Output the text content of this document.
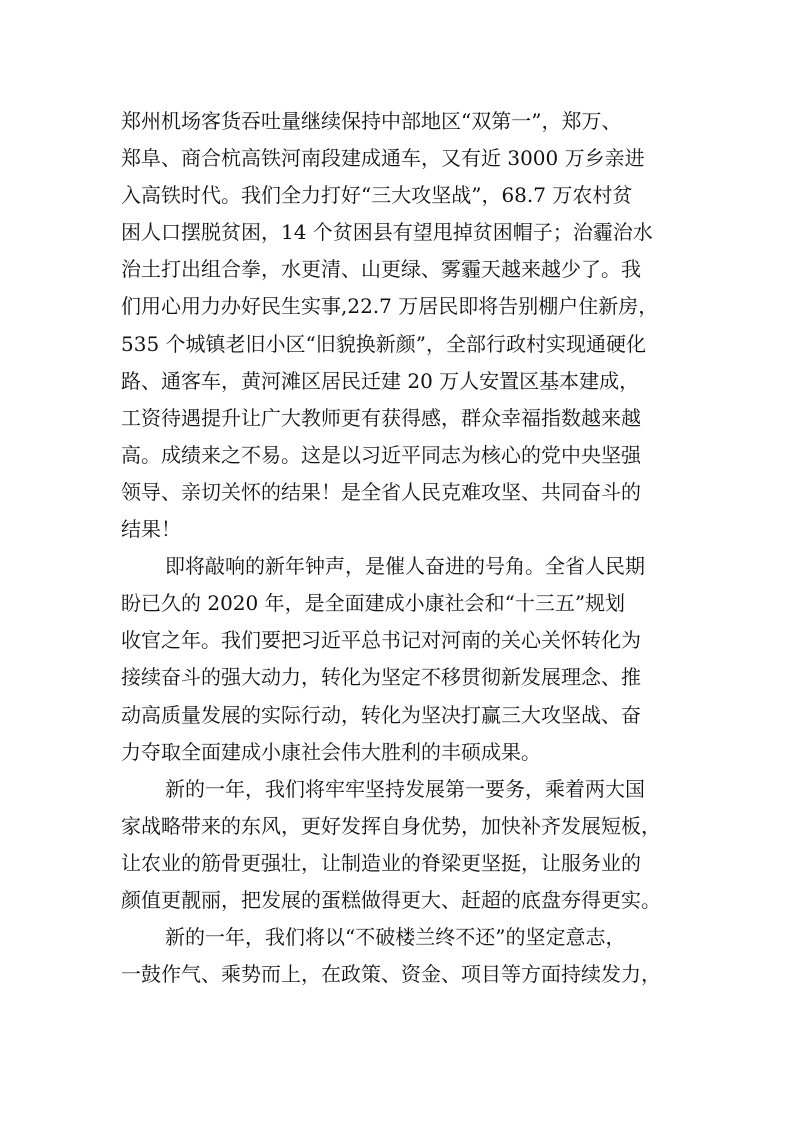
郑州机场客货吞吐量继续保持中部地区“双第一”，郑万、
郑阜、商合杭高铁河南段建成通车，又有近 3000 万乡亲进
入高铁时代。我们全力打好“三大攻坚战”，68.7 万农村贫
困人口摆脱贫困，14 个贫困县有望甩掉贫困帽子；治霾治水
治土打出组合拳，水更清、山更绿、雾霾天越来越少了。我
们用心用力办好民生实事,22.7 万居民即将告别棚户住新房，
535 个城镇老旧小区“旧貌换新颜”，全部行政村实现通硬化
路、通客车，黄河滩区居民迁建 20 万人安置区基本建成，
工资待遇提升让广大教师更有获得感，群众幸福指数越来越
高。成绩来之不易。这是以习近平同志为核心的党中央坚强
领导、亲切关怀的结果！是全省人民克难攻坚、共同奋斗的
结果！
即将敲响的新年钟声，是催人奋进的号角。全省人民期
盼已久的 2020 年，是全面建成小康社会和“十三五”规划
收官之年。我们要把习近平总书记对河南的关心关怀转化为
接续奋斗的强大动力，转化为坚定不移贯彻新发展理念、推
动高质量发展的实际行动，转化为坚决打赢三大攻坚战、奋
力夺取全面建成小康社会伟大胜利的丰硕成果。
新的一年，我们将牢牢坚持发展第一要务，乘着两大国
家战略带来的东风，更好发挥自身优势，加快补齐发展短板，
让农业的筋骨更强壮，让制造业的脊梁更坚挺，让服务业的
颜值更靓丽，把发展的蛋糕做得更大、赶超的底盘夯得更实。
新的一年，我们将以“不破楼兰终不还”的坚定意志，
一鼓作气、乘势而上，在政策、资金、项目等方面持续发力，
